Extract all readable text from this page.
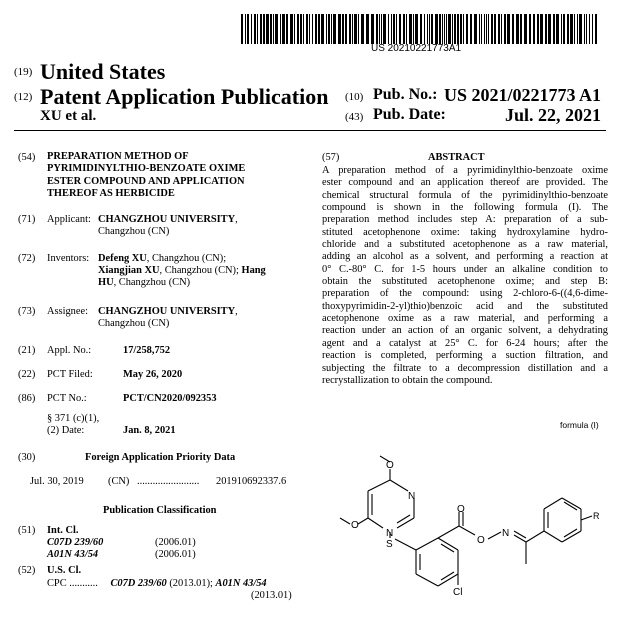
US 20210221773A1
(19) United States
(12) Patent Application Publication
XU et al.
(10) Pub. No.: US 2021/0221773 A1
(43) Pub. Date:	Jul. 22, 2021
(54) PREPARATION METHOD OF
PYRIMIDINYLTHIO-BENZOATE OXIME
ESTER COMPOUND AND APPLICATION
THEREOF AS HERBICIDE
(71) Applicant: CHANGZHOU UNIVERSITY,
Changzhou (CN)
(72) Inventors: Defeng XU, Changzhou (CN);
Xiangjian XU, Changzhou (CN); Hang
HU, Changzhou (CN)
(73) Assignee: CHANGZHOU UNIVERSITY,
Changzhou (CN)
(21) Appl. No.:	17/258,752
(22) PCT Filed:	May 26, 2020
(86) PCT No.:	PCT/CN2020/092353
§ 371 (c)(1),
(2) Date:	Jan. 8, 2021
(30)	Foreign Application Priority Data
Jul. 30, 2019 (CN) ........................ 201910692337.6
Publication Classification
(51) Int. Cl.
C07D 239/60	(2006.01)
A01N 43/54	(2006.01)
(52) U.S. Cl.
CPC ........... C07D 239/60 (2013.01); A01N 43/54
(2013.01)
(57)	ABSTRACT
A preparation method of a pyrimidinylthio-benzoate oxime
ester compound and an application thereof are provided. The
chemical structural formula of the pyrimidinylthio-benzoate
compound is shown in the following formula (I). The
preparation method includes step A: preparation of a sub-
stituted acetophenone oxime: taking hydroxylamine hydro-
chloride and a substituted acetophenone as a raw material,
adding an alcohol as a solvent, and performing a reaction at
0° C.-80° C. for 1-5 hours under an alkaline condition to
obtain the substituted acetophenone oxime; and step B:
preparation of the compound: using 2-chloro-6-((4,6-dime-
thoxypyrimidin-2-yl)thio)benzoic acid and the substituted
acetophenone oxime as a raw material, and performing a
reaction under an action of an organic solvent, a dehydrating
agent and a catalyst at 25° C. for 6-24 hours; after the
reaction is completed, performing a suction filtration, and
subjecting the filtrate to a decompression distillation and a
recrystallization to obtain the compound.
formula (I)
O
N
N
O
S
O
O
N
Cl
R
